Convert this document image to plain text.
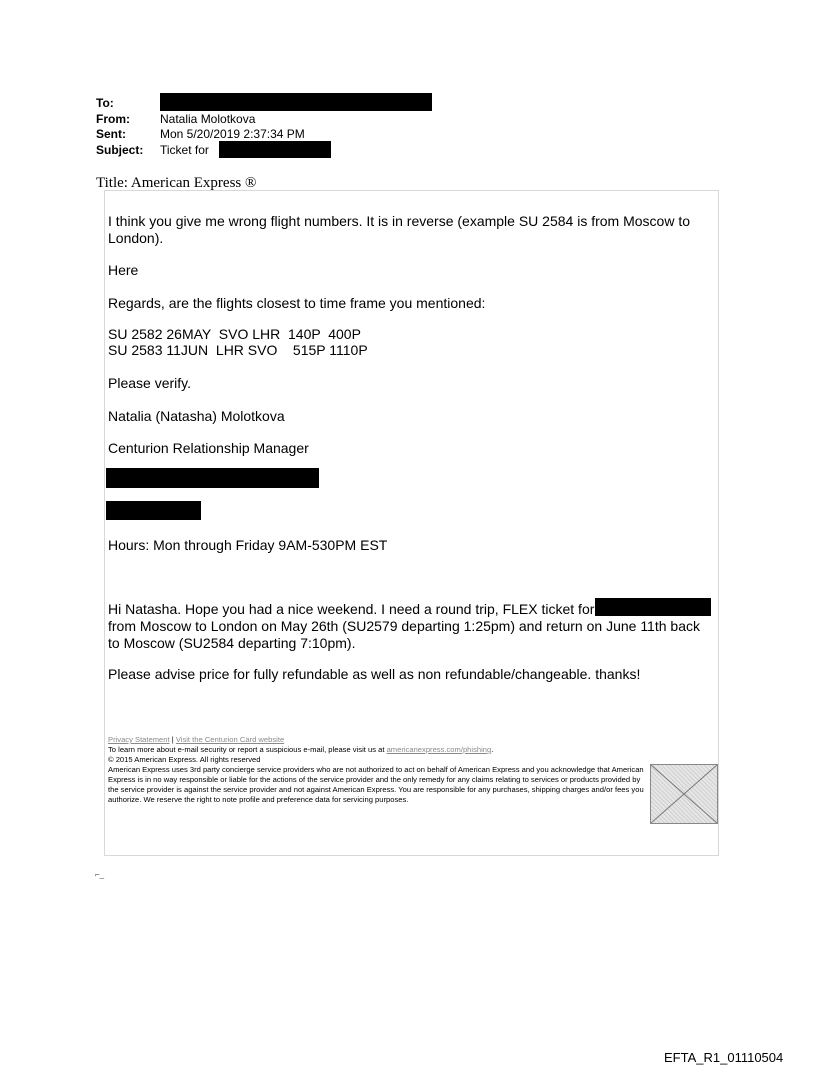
To:
From:	Natalia Molotkova
Sent:	Mon 5/20/2019 2:37:34 PM
Subject: Ticket for
Title: American Express ®
I think you give me wrong flight numbers. It is in reverse (example SU 2584 is from Moscow to London).
Here
Regards, are the flights closest to time frame you mentioned:
SU 2582 26MAY  SVO LHR  140P  400P
SU 2583 11JUN  LHR SVO    515P 1110P
Please verify.
Natalia (Natasha) Molotkova
Centurion Relationship Manager
Hours: Mon through Friday 9AM-530PM EST
Hi Natasha. Hope you had a nice weekend. I need a round trip, FLEX ticket for
from Moscow to London on May 26th (SU2579 departing 1:25pm) and return on June 11th back to Moscow (SU2584 departing 7:10pm).
Please advise price for fully refundable as well as non refundable/changeable. thanks!
Privacy Statement | Visit the Centurion Card website
To learn more about e-mail security or report a suspicious e-mail, please visit us at americanexpress.com/phishing.
© 2015 American Express. All rights reserved
American Express uses 3rd party concierge service providers who are not authorized to act on behalf of American Express and you acknowledge that American Express is in no way responsible or liable for the actions of the service provider and the only remedy for any claims relating to services or products provided by the service provider is against the service provider and not against American Express. You are responsible for any purchases, shipping charges and/or fees you authorize. We reserve the right to note profile and preference data for servicing purposes.
⌐_
EFTA_R1_01110504
